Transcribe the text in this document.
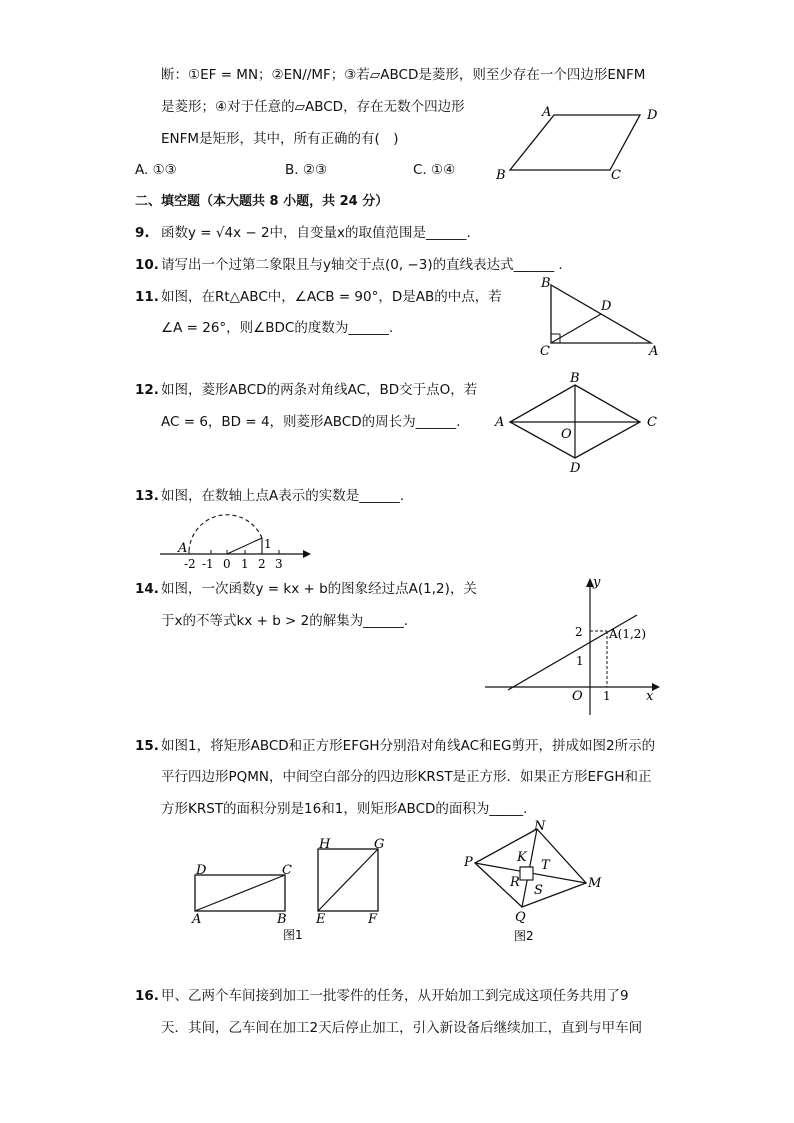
断：①EF = MN；②EN//MF；③若▱ABCD是菱形，则至少存在一个四边形ENFM
是菱形；④对于任意的▱ABCD，存在无数个四边形
ENFM是矩形，其中，所有正确的有(　)
A. ①③	B. ②③	C. ①④
A	D
B	C
二、填空题（本大题共 8 小题，共 24 分）
9. 函数y = √4x − 2中，自变量x的取值范围是______.
10. 请写出一个过第二象限且与y轴交于点(0, −3)的直线表达式______ .
11. 如图，在Rt△ABC中，∠ACB = 90°，D是AB的中点，若
∠A = 26°，则∠BDC的度数为______.
B
D
C	A
12. 如图，菱形ABCD的两条对角线AC，BD交于点O，若
AC = 6，BD = 4，则菱形ABCD的周长为______.
B
A
O
C
D
13. 如图，在数轴上点A表示的实数是______.
A	1
-2 -1 0 1 2 3
14. 如图，一次函数y = kx + b的图象经过点A(1,2)，关
于x的不等式kx + b > 2的解集为______.
y
2 A(1,2)
1
O 1	x
15. 如图1，将矩形ABCD和正方形EFGH分别沿对角线AC和EG剪开，拼成如图2所示的
平行四边形PQMN，中间空白部分的四边形KRST是正方形．如果正方形EFGH和正
方形KRST的面积分别是16和1，则矩形ABCD的面积为_____.
D	C
A	B
H	G
E	F
图1
N
P	K
T
R
S	M
Q
图2
16. 甲、乙两个车间接到加工一批零件的任务，从开始加工到完成这项任务共用了9
天．其间，乙车间在加工2天后停止加工，引入新设备后继续加工，直到与甲车间
